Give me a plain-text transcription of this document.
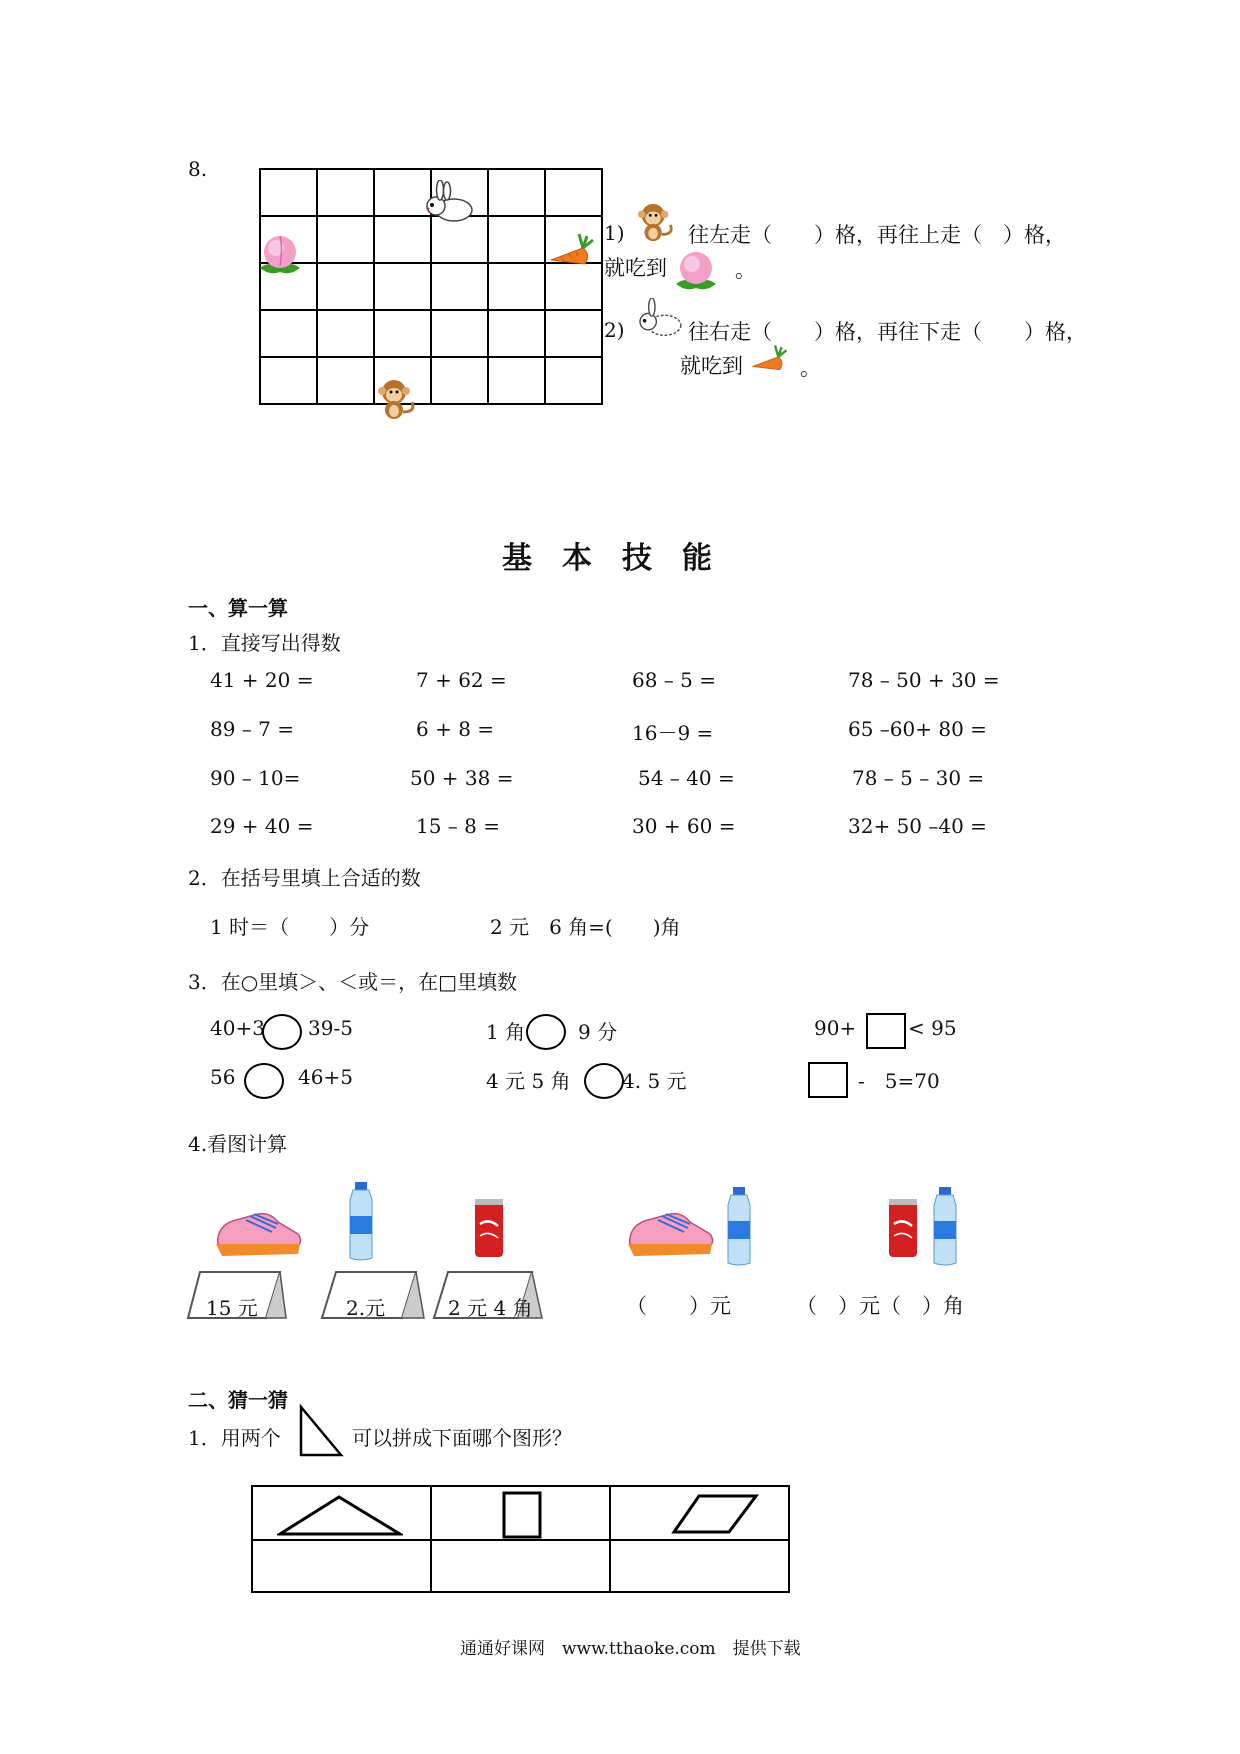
8.

1)	往左走（　　）格，再往上走（　）格，
就吃到	。
2)	往右走（　　）格，再往下走（　　）格，
就吃到	。
基 本 技 能
一、算一算
1．直接写出得数
41 + 20 =	7 + 62 =	68 – 5 =	78 – 50 + 30 =
89 – 7 =	6 + 8 =	16－9 =	65 –60+ 80 =
90 – 10=	50 + 38 =	54 – 40 =	78 – 5 – 30 =
29 + 40 =	15 – 8 =	30 + 60 =	32+ 50 –40 =
2．在括号里填上合适的数
1 时＝（　　）分	2 元　6 角=(　　)角
3．在○里填＞、＜或＝，在□里填数
40+3 39-5	1 角	9 分	90+	< 95
56	46+5	4 元 5 角	4. 5 元	-　5=70
4.看图计算
15 元	2.元	2 元 4 角	（　　）元	（　）元（　）角
二、猜一猜
1．用两个	可以拼成下面哪个图形？

通通好课网　www.tthaoke.com　提供下载
